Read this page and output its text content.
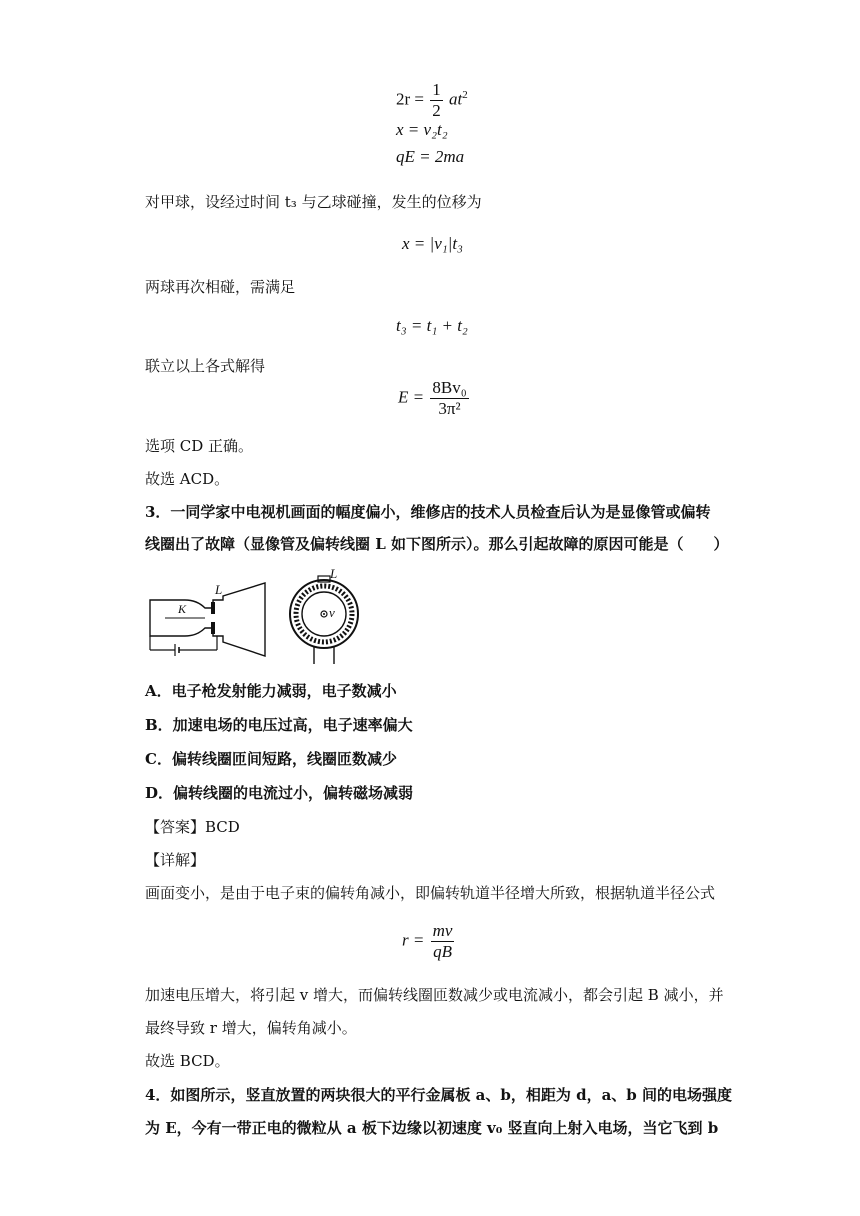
$2r = \frac{1}{2} at^2$
x = v₂t₂
qE = 2ma
对甲球，设经过时间 t₃ 与乙球碰撞，发生的位移为
x = |v₁|t₃
两球再次相碰，需满足
t₃ = t₁ + t₂
联立以上各式解得
$E = \frac{\text{8Bv₀}}{\text{3π²}}$
选项 CD 正确。
故选 ACD。
3．一同学家中电视机画面的幅度偏小，维修店的技术人员检查后认为是显像管或偏转
线圈出了故障（显像管及偏转线圈 L 如下图所示）。那么引起故障的原因可能是（　　）
L
K
L
v
A．电子枪发射能力减弱，电子数减小
B．加速电场的电压过高，电子速率偏大
C．偏转线圈匝间短路，线圈匝数减少
D．偏转线圈的电流过小，偏转磁场减弱
【答案】BCD
【详解】
画面变小，是由于电子束的偏转角减小，即偏转轨道半径增大所致，根据轨道半径公式
$r = \frac{mv}{qB}$
加速电压增大，将引起 v 增大，而偏转线圈匝数减少或电流减小，都会引起 B 减小，并
最终导致 r 增大，偏转角减小。
故选 BCD。
4．如图所示，竖直放置的两块很大的平行金属板 a、b，相距为 d，a、b 间的电场强度
为 E，今有一带正电的微粒从 a 板下边缘以初速度 v₀ 竖直向上射入电场，当它飞到 b
